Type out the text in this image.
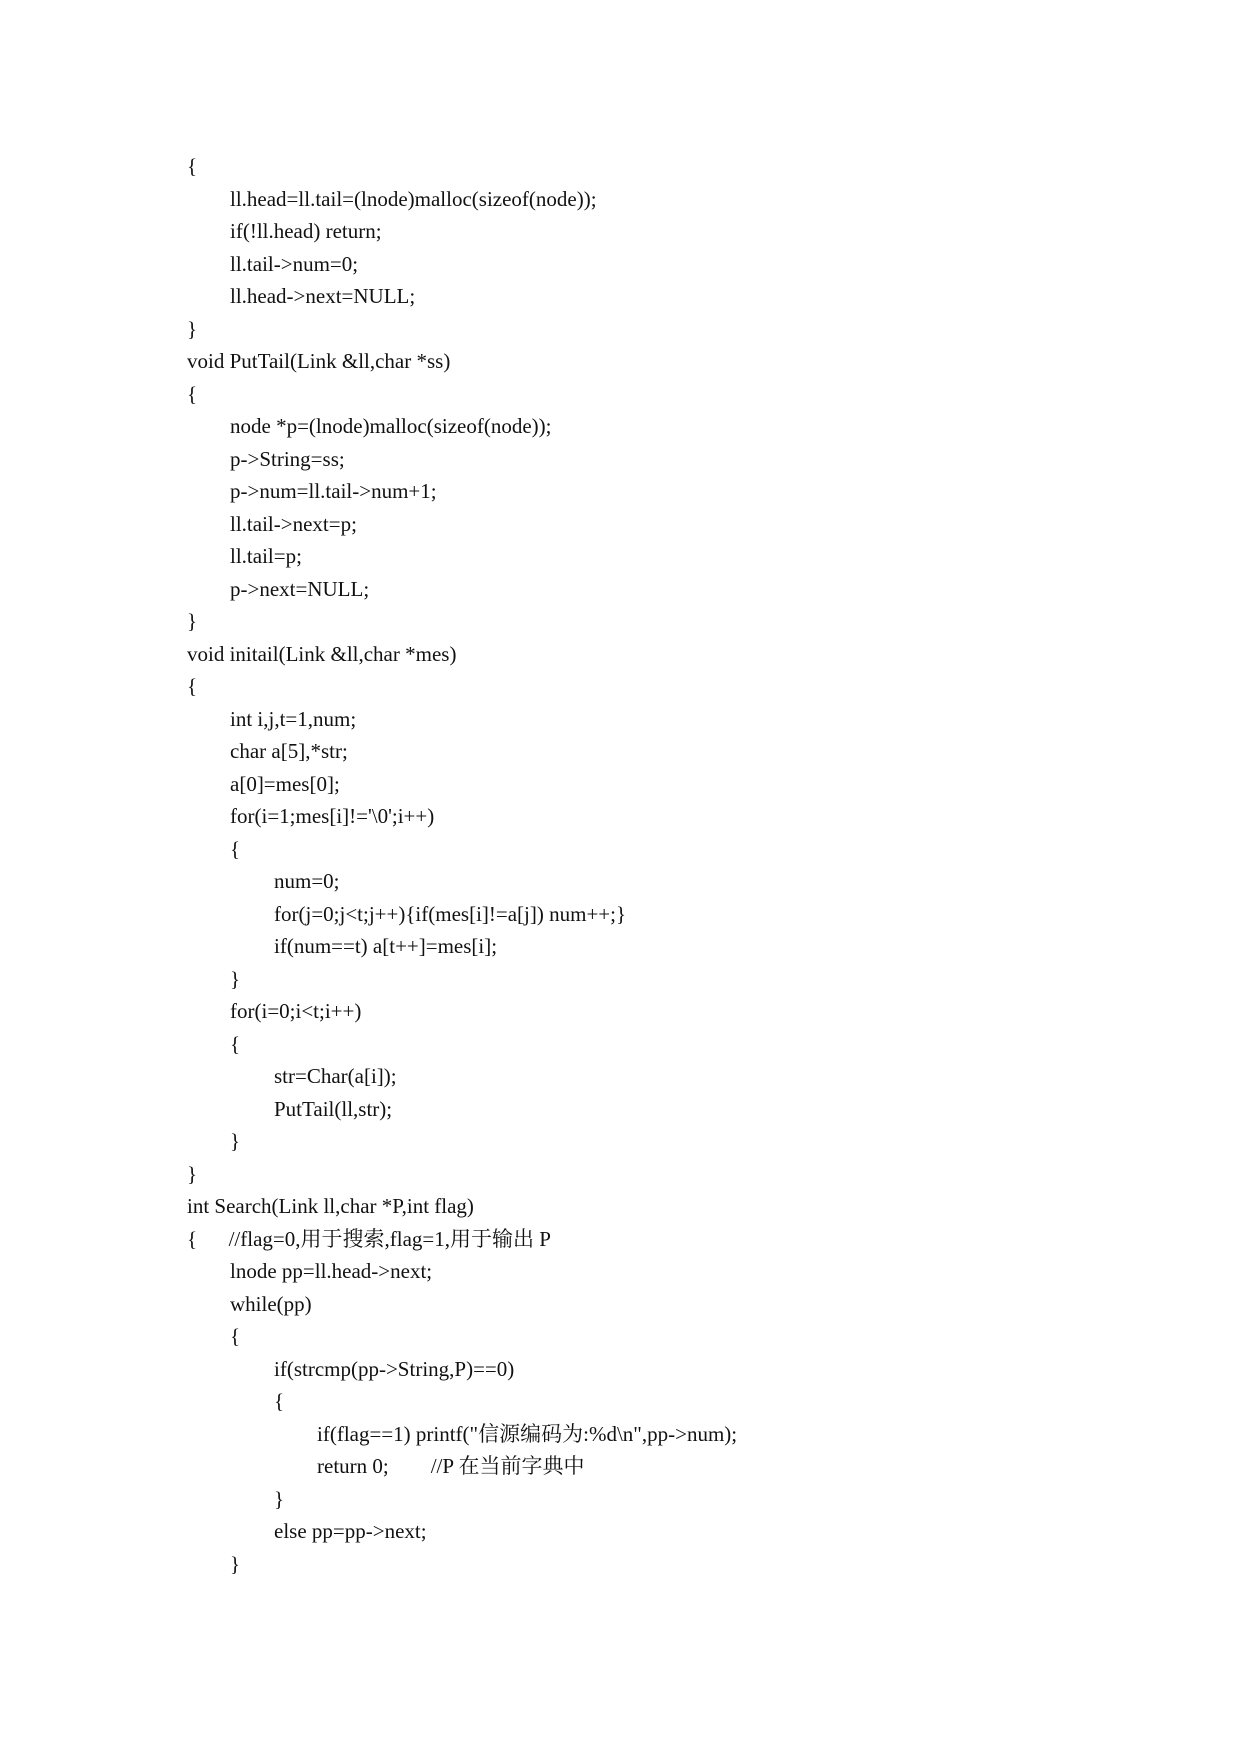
{
ll.head=ll.tail=(lnode)malloc(sizeof(node));
if(!ll.head) return;
ll.tail->num=0;
ll.head->next=NULL;
}
void PutTail(Link &ll,char *ss)
{
node *p=(lnode)malloc(sizeof(node));
p->String=ss;
p->num=ll.tail->num+1;
ll.tail->next=p;
ll.tail=p;
p->next=NULL;
}
void initail(Link &ll,char *mes)
{
int i,j,t=1,num;
char a[5],*str;
a[0]=mes[0];
for(i=1;mes[i]!='\0';i++)
{
num=0;
for(j=0;j<t;j++){if(mes[i]!=a[j]) num++;}
if(num==t) a[t++]=mes[i];
}
for(i=0;i<t;i++)
{
str=Char(a[i]);
PutTail(ll,str);
}
}
int Search(Link ll,char *P,int flag)
{      //flag=0,用于搜索,flag=1,用于输出 P
lnode pp=ll.head->next;
while(pp)
{
if(strcmp(pp->String,P)==0)
{
if(flag==1) printf("信源编码为:%d\n",pp->num);
return 0;        //P 在当前字典中
}
else pp=pp->next;
}
